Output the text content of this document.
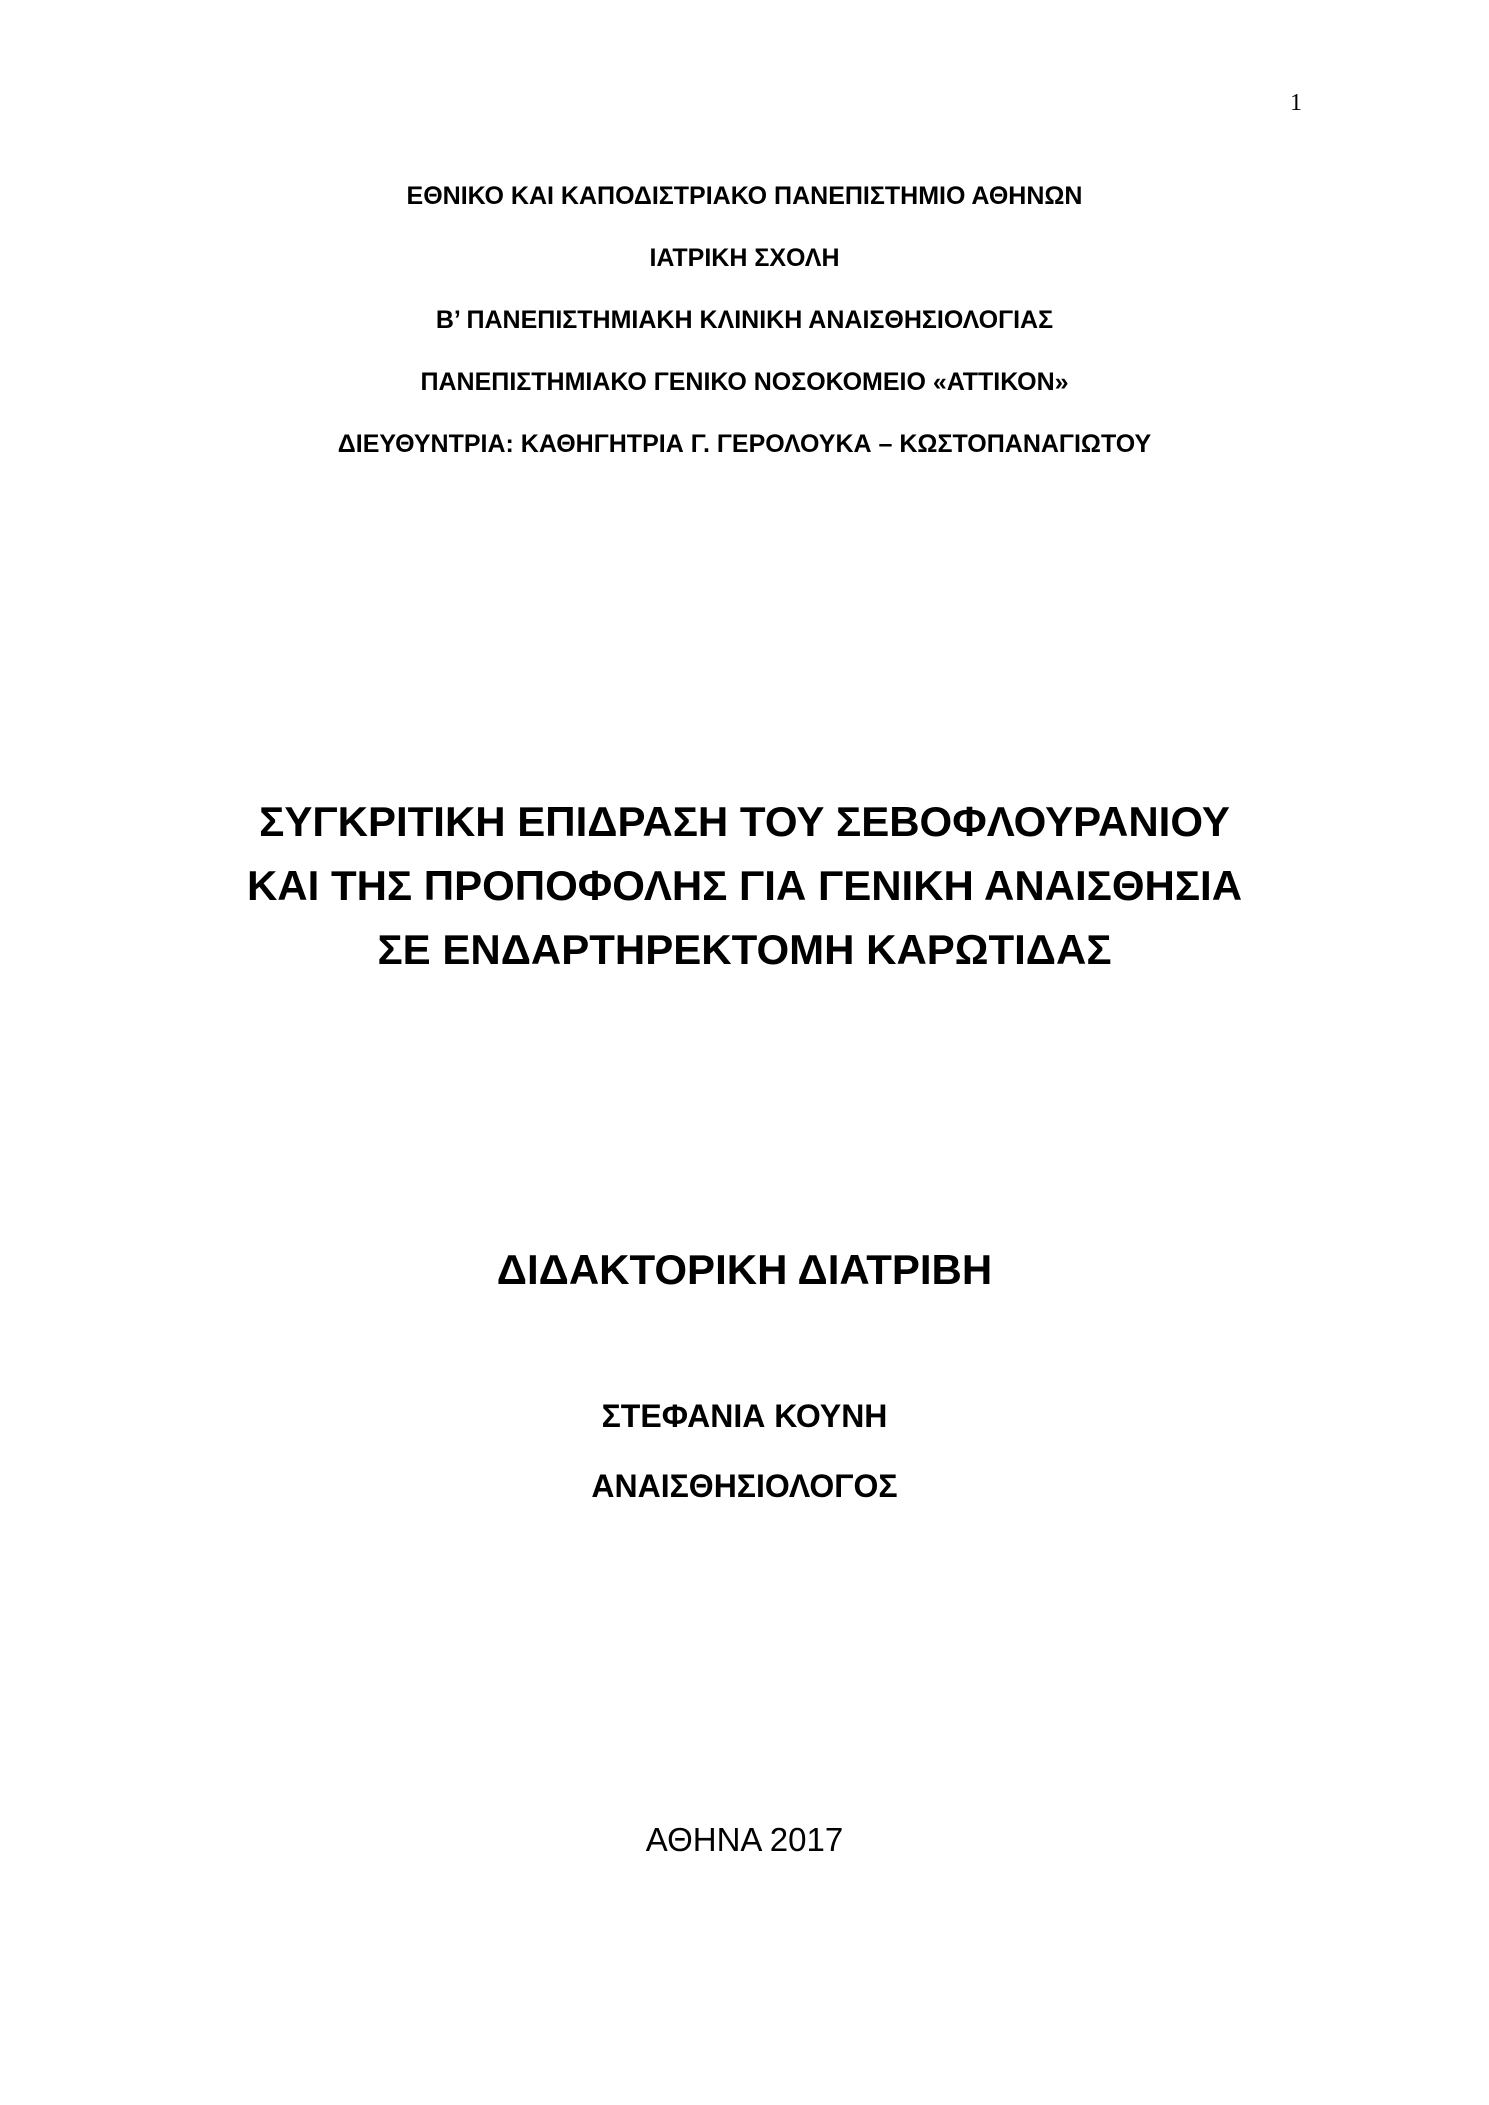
1
ΕΘΝΙΚΟ ΚΑΙ ΚΑΠΟΔΙΣΤΡΙΑΚΟ ΠΑΝΕΠΙΣΤΗΜΙΟ ΑΘΗΝΩΝ
ΙΑΤΡΙΚΗ ΣΧΟΛΗ
Β’ ΠΑΝΕΠΙΣΤΗΜΙΑΚΗ ΚΛΙΝΙΚΗ ΑΝΑΙΣΘΗΣΙΟΛΟΓΙΑΣ
ΠΑΝΕΠΙΣΤΗΜΙΑΚΟ ΓΕΝΙΚΟ ΝΟΣΟΚΟΜΕΙΟ «ΑΤΤΙΚΟΝ»
ΔΙΕΥΘΥΝΤΡΙΑ: ΚΑΘΗΓΗΤΡΙΑ Γ. ΓΕΡΟΛΟΥΚΑ – ΚΩΣΤΟΠΑΝΑΓΙΩΤΟΥ
ΣΥΓΚΡΙΤΙΚΗ ΕΠΙΔΡΑΣΗ ΤΟΥ ΣΕΒΟΦΛΟΥΡΑΝΙΟΥ
ΚΑΙ ΤΗΣ ΠΡΟΠΟΦΟΛΗΣ ΓΙΑ ΓΕΝΙΚΗ ΑΝΑΙΣΘΗΣΙΑ
ΣΕ ΕΝΔΑΡΤΗΡΕΚΤΟΜΗ ΚΑΡΩΤΙΔΑΣ
ΔΙΔΑΚΤΟΡΙΚΗ ΔΙΑΤΡΙΒΗ
ΣΤΕΦΑΝΙΑ ΚΟΥΝΗ
ΑΝΑΙΣΘΗΣΙΟΛΟΓΟΣ
ΑΘΗΝΑ 2017
